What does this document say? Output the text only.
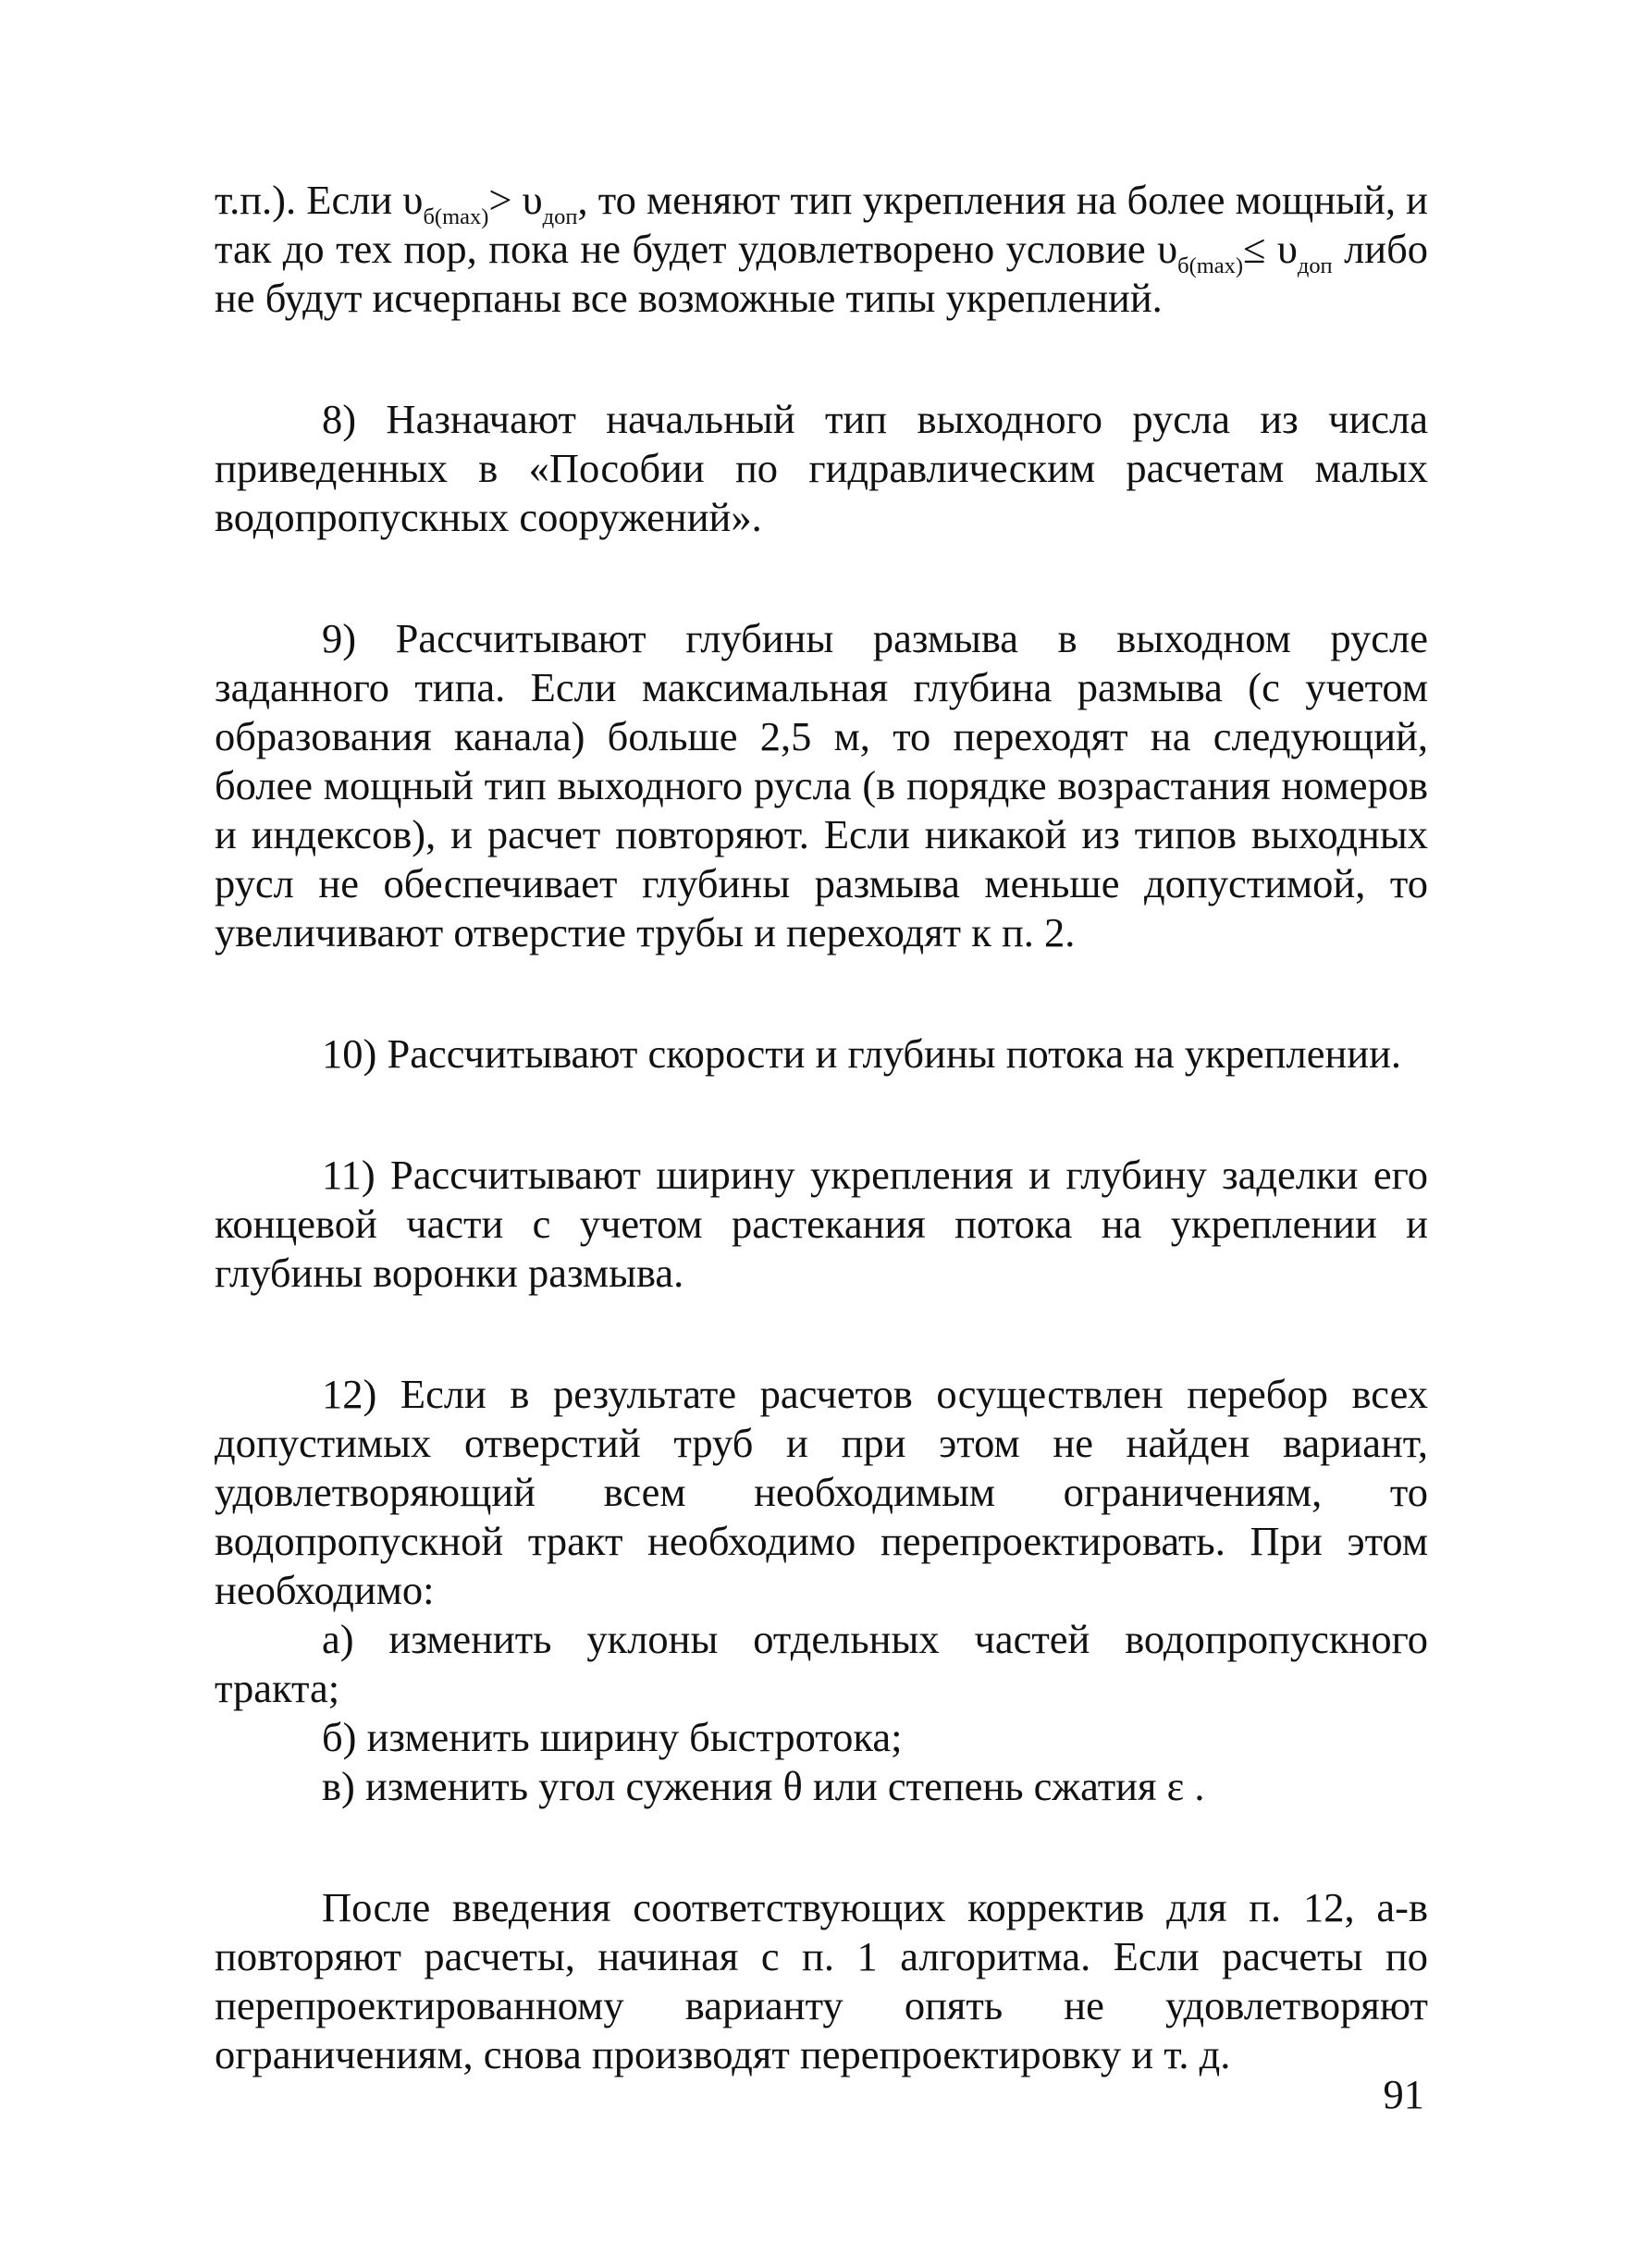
т.п.). Если $\upsilon_{б(max)}> \upsilon_{доп}$, то меняют тип укрепления на более мощный, и так до тех пор, пока не будет удовлетворено условие $\upsilon_{б(max)}\le \upsilon_{доп}$ либо не будут исчерпаны все возможные типы укреплений.

8) Назначают начальный тип выходного русла из числа приведенных в «Пособии по гидравлическим расчетам малых водопропускных сооружений».

9) Рассчитывают глубины размыва в выходном русле заданного типа. Если максимальная глубина размыва (с учетом образования канала) больше 2,5 м, то переходят на следующий, более мощный тип выходного русла (в порядке возрастания номеров и индексов), и расчет повторяют. Если никакой из типов выходных русл не обеспечивает глубины размыва меньше допустимой, то увеличивают отверстие трубы и переходят к п. 2.

10) Рассчитывают скорости и глубины потока на укреплении.

11) Рассчитывают ширину укрепления и глубину заделки его концевой части с учетом растекания потока на укреплении и глубины воронки размыва.

12) Если в результате расчетов осуществлен перебор всех допустимых отверстий труб и при этом не найден вариант, удовлетворяющий всем необходимым ограничениям, то водопропускной тракт необходимо перепроектировать. При этом необходимо:

а) изменить уклоны отдельных частей водопропускного тракта;

б) изменить ширину быстротока;

в) изменить угол сужения θ или степень сжатия ε .

После введения соответствующих корректив для п. 12, а-в повторяют расчеты, начиная с п. 1 алгоритма. Если расчеты по перепроектированному варианту опять не удовлетворяют ограничениям, снова производят перепроектировку и т. д.

91
